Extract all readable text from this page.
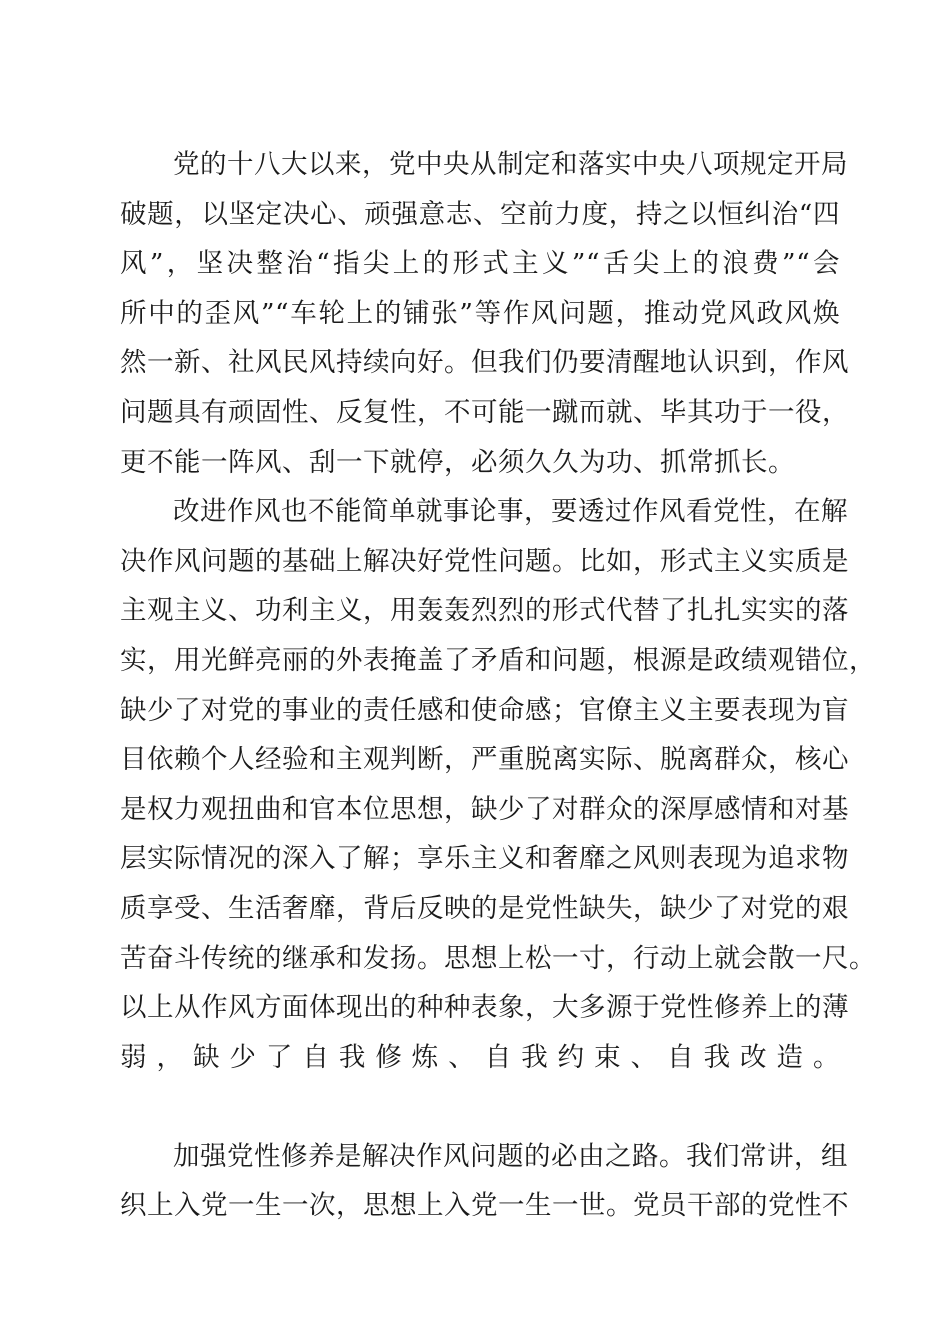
党的十八大以来，党中央从制定和落实中央八项规定开局
破题，以坚定决心、顽强意志、空前力度，持之以恒纠治“四
风”，坚决整治“指尖上的形式主义”“舌尖上的浪费”“会
所中的歪风”“车轮上的铺张”等作风问题，推动党风政风焕
然一新、社风民风持续向好。但我们仍要清醒地认识到，作风
问题具有顽固性、反复性，不可能一蹴而就、毕其功于一役，
更不能一阵风、刮一下就停，必须久久为功、抓常抓长。
改进作风也不能简单就事论事，要透过作风看党性，在解
决作风问题的基础上解决好党性问题。比如，形式主义实质是
主观主义、功利主义，用轰轰烈烈的形式代替了扎扎实实的落
实，用光鲜亮丽的外表掩盖了矛盾和问题，根源是政绩观错位，
缺少了对党的事业的责任感和使命感；官僚主义主要表现为盲
目依赖个人经验和主观判断，严重脱离实际、脱离群众，核心
是权力观扭曲和官本位思想，缺少了对群众的深厚感情和对基
层实际情况的深入了解；享乐主义和奢靡之风则表现为追求物
质享受、生活奢靡，背后反映的是党性缺失，缺少了对党的艰
苦奋斗传统的继承和发扬。思想上松一寸，行动上就会散一尺。
以上从作风方面体现出的种种表象，大多源于党性修养上的薄
弱，缺少了自我修炼、自我约束、自我改造。
加强党性修养是解决作风问题的必由之路。我们常讲，组
织上入党一生一次，思想上入党一生一世。党员干部的党性不
